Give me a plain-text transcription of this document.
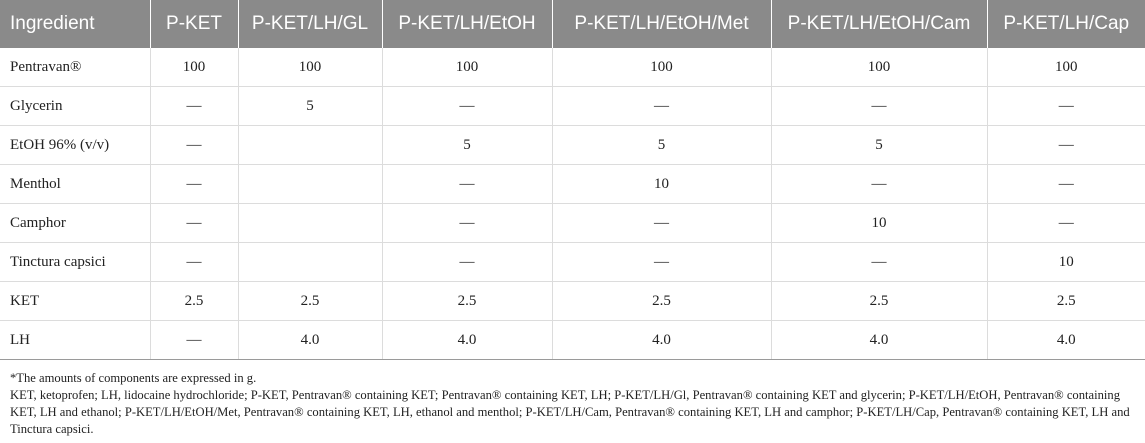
Ingredient	P-KET	P-KET/LH/GL	P-KET/LH/EtOH	P-KET/LH/EtOH/Met	P-KET/LH/EtOH/Cam	P-KET/LH/Cap
Pentravan®	100	100	100	100	100	100
Glycerin	—	5	—	—	—	—
EtOH 96% (v/v)	—		5	5	5	—
Menthol	—		—	10	—	—
Camphor	—		—	—	10	—
Tinctura capsici	—		—	—	—	10
KET	2.5	2.5	2.5	2.5	2.5	2.5
LH	—	4.0	4.0	4.0	4.0	4.0

*The amounts of components are expressed in g.

KET, ketoprofen; LH, lidocaine hydrochloride; P-KET, Pentravan® containing KET; Pentravan® containing KET, LH; P-KET/LH/Gl, Pentravan® containing KET and glycerin; P-KET/LH/EtOH, Pentravan® containing KET, LH and ethanol; P-KET/LH/EtOH/Met, Pentravan® containing KET, LH, ethanol and menthol; P-KET/LH/Cam, Pentravan® containing KET, LH and camphor; P-KET/LH/Cap, Pentravan® containing KET, LH and Tinctura capsici.
